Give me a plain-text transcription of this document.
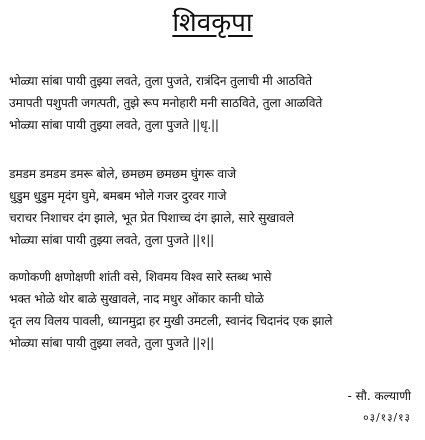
शिवकृपा
भोळ्या सांबा पायी तुझ्या लवते, तुला पुजते, रात्रंदिन तुलाची मी आठविते
उमापती पशुपती जगत्पती, तुझे रूप मनोहारी मनी साठविते, तुला आळविते
भोळ्या सांबा पायी तुझ्या लवते, तुला पुजते ||धृ.||
डमडम डमडम डमरू बोले, छमछम छमछम घुंगरू वाजे
धुडुम धुडुम मृदंग घुमे, बमबम भोले गजर दुरवर गाजे
चराचर निशाचर दंग झाले, भूत प्रेत पिशाच्च दंग झाले, सारे सुखावले
भोळ्या सांबा पायी तुझ्या लवते, तुला पुजते ||१||
कणोकणी क्षणोक्षणी शांती वसे, शिवमय विश्व सारे स्तब्ध भासे
भक्त भोळे थोर बाळे सुखावले, नाद मधुर ओंकार कानी घोळे
दृत लय विलय पावली, ध्यानमुद्रा हर मुखी उमटली, स्वानंद चिदानंद एक झाले
भोळ्या सांबा पायी तुझ्या लवते, तुला पुजते ||२||
- सौ. कल्याणी
०३/१३/१३
